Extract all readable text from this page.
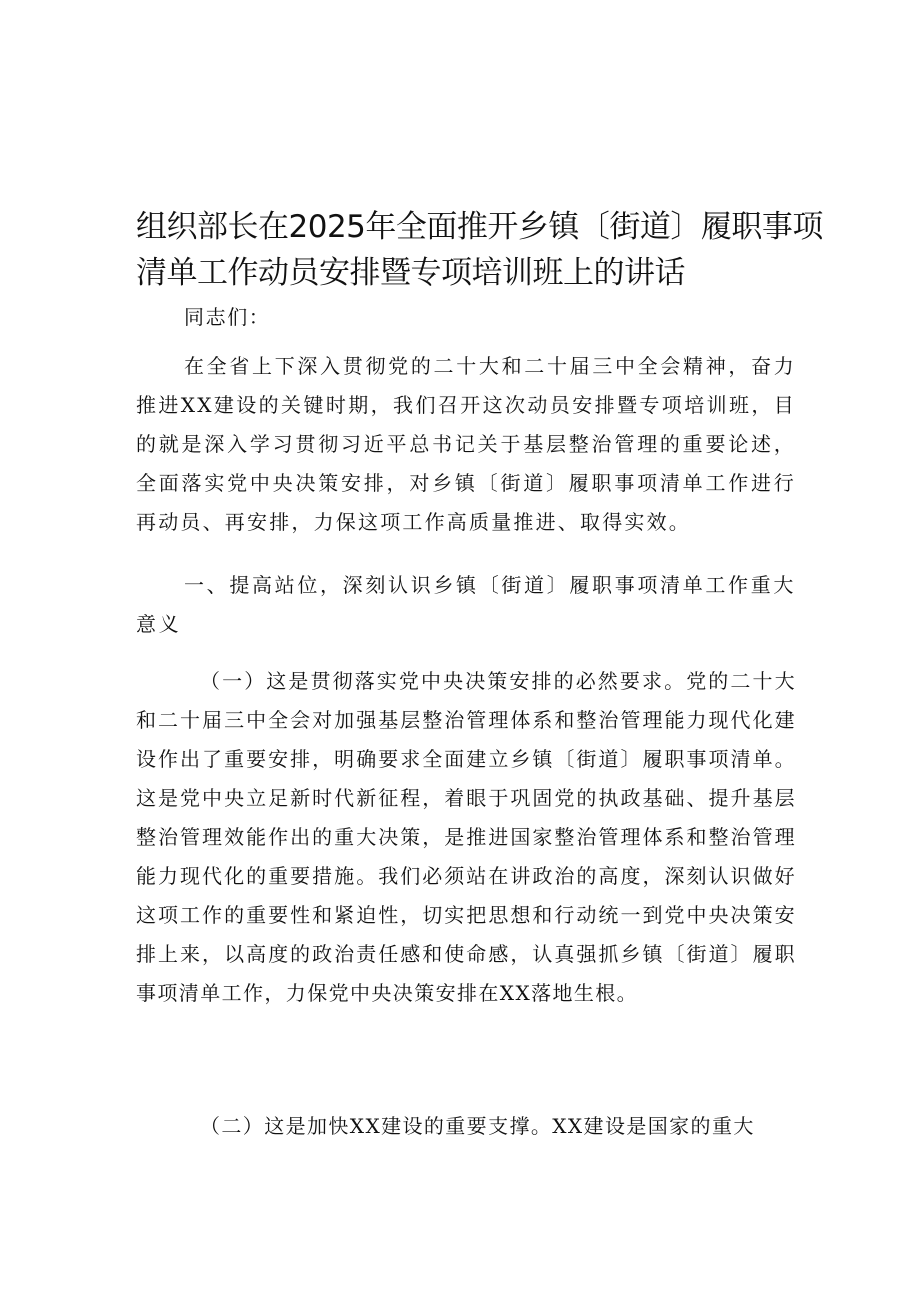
组织部长在2025年全面推开乡镇〔街道〕履职事项
清单工作动员安排暨专项培训班上的讲话

同志们：

在全省上下深入贯彻党的二十大和二十届三中全会精神，奋力推进XX建设的关键时期，我们召开这次动员安排暨专项培训班，目的就是深入学习贯彻习近平总书记关于基层整治管理的重要论述，全面落实党中央决策安排，对乡镇〔街道〕履职事项清单工作进行再动员、再安排，力保这项工作高质量推进、取得实效。

一、提高站位，深刻认识乡镇〔街道〕履职事项清单工作重大意义

（一）这是贯彻落实党中央决策安排的必然要求。党的二十大和二十届三中全会对加强基层整治管理体系和整治管理能力现代化建设作出了重要安排，明确要求全面建立乡镇〔街道〕履职事项清单。这是党中央立足新时代新征程，着眼于巩固党的执政基础、提升基层整治管理效能作出的重大决策，是推进国家整治管理体系和整治管理能力现代化的重要措施。我们必须站在讲政治的高度，深刻认识做好这项工作的重要性和紧迫性，切实把思想和行动统一到党中央决策安排上来，以高度的政治责任感和使命感，认真强抓乡镇〔街道〕履职事项清单工作，力保党中央决策安排在XX落地生根。

（二）这是加快XX建设的重要支撑。XX建设是国家的重大
